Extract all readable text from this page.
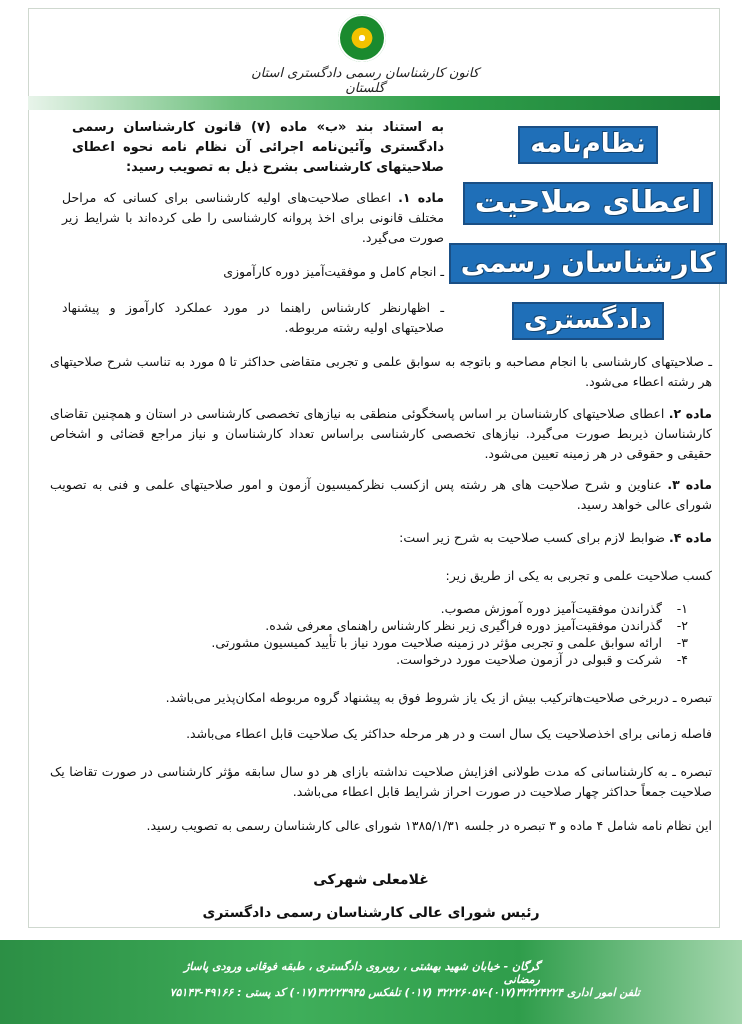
کانون کارشناسان رسمی دادگستری استان گلستان
نظام‌نامه
اعطای صلاحیت
کارشناسان رسمی
دادگستری
به استناد بند «ب» ماده (۷) قانون کارشناسان رسمی دادگستری وآئین‌نامه اجرائی آن نظام نامه نحوه اعطای صلاحیتهای کارشناسی بشرح ذیل به تصویب رسید:
ماده ۱. اعطای صلاحیت‌های اولیه کارشناسی برای کسانی که مراحل مختلف قانونی برای اخذ پروانه کارشناسی را طی کرده‌اند با شرایط زیر صورت می‌گیرد.
ـ انجام کامل و موفقیت‌آمیز دوره کارآموزی
ـ اظهارنظر کارشناس راهنما در مورد عملکرد کارآموز و پیشنهاد صلاحیتهای اولیه رشته مربوطه.
ـ صلاحیتهای کارشناسی با انجام مصاحبه و باتوجه به سوابق علمی و تجربی متقاضی حداکثر تا ۵ مورد به تناسب شرح صلاحیتهای هر رشته اعطاء می‌شود.
ماده ۲. اعطای صلاحیتهای کارشناسان بر اساس پاسخگوئی منطقی به نیازهای تخصصی کارشناسی در استان و همچنین تقاضای کارشناسان ذیربط صورت می‌گیرد. نیازهای تخصصی کارشناسی براساس تعداد کارشناسان و نیاز مراجع قضائی و اشخاص حقیقی و حقوقی در هر زمینه تعیین می‌شود.
ماده ۳. عناوین و شرح صلاحیت های هر رشته پس ازکسب نظرکمیسیون آزمون و امور صلاحیتهای علمی و فنی به تصویب شورای عالی خواهد رسید.
ماده ۴. ضوابط لازم برای کسب صلاحیت به شرح زیر است:
کسب صلاحیت علمی و تجربی به یکی از طریق زیر:
۱-
گذراندن موفقیت‌آمیز دوره آموزش مصوب.
۲-
گذراندن موفقیت‌آمیز دوره فراگیری زیر نظر کارشناس راهنمای معرفی شده.
۳-
ارائه سوابق علمی و تجربی مؤثر در زمینه صلاحیت مورد نیاز با تأیید کمیسیون مشورتی.
۴-
شرکت و قبولی در آزمون صلاحیت مورد درخواست.
تبصره ـ دربرخی صلاحیت‌هاترکیب بیش از یک یاز شروط فوق به پیشنهاد گروه مربوطه امکان‌پذیر می‌باشد.
فاصله زمانی برای اخذصلاحیت یک سال است و در هر مرحله حداکثر یک صلاحیت قابل اعطاء می‌باشد.
تبصره ـ به کارشناسانی که مدت طولانی افزایش صلاحیت نداشته بازای هر دو سال سابقه مؤثر کارشناسی در صورت تقاضا یک صلاحیت جمعاً حداکثر چهار صلاحیت در صورت احراز شرایط قابل اعطاء می‌باشد.
این نظام نامه شامل ۴ ماده و ۳ تبصره در جلسه ۱۳۸۵/۱/۳۱ شورای عالی کارشناسان رسمی به تصویب رسید.
غلامعلی شهرکی
رئیس شورای عالی کارشناسان رسمی دادگستری
گرگان - خیابان شهید بهشتی ، روبروی دادگستری ، طبقه فوقانی ورودی پاساژ رمضانی
تلفن امور اداری ۳۲۲۲۴۲۲۴(۰۱۷)-۳۲۲۲۶۰۵۷ (۰۱۷) تلفکس ۳۲۲۲۳۹۴۵(۰۱۷) کد پستی : ۴۹۱۶۶-۷۵۱۴۳
